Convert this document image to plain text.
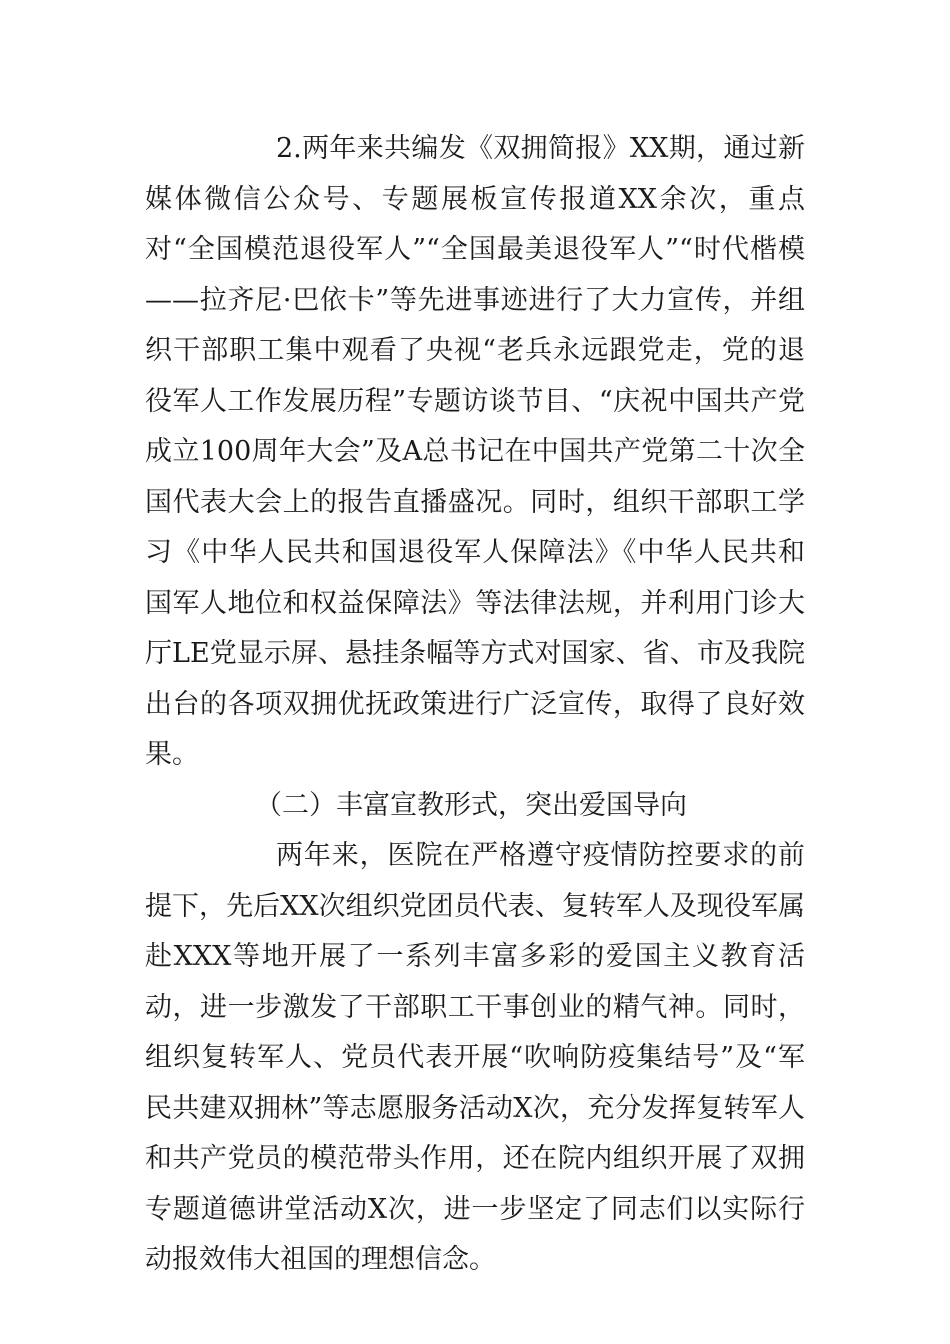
2.两年来共编发《双拥简报》XX期，通过新媒体微信公众号、专题展板宣传报道XX余次，重点对“全国模范退役军人”“全国最美退役军人”“时代楷模——拉齐尼·巴依卡”等先进事迹进行了大力宣传，并组织干部职工集中观看了央视“老兵永远跟党走，党的退役军人工作发展历程”专题访谈节目、“庆祝中国共产党成立100周年大会”及A总书记在中国共产党第二十次全国代表大会上的报告直播盛况。同时，组织干部职工学习《中华人民共和国退役军人保障法》《中华人民共和国军人地位和权益保障法》等法律法规，并利用门诊大厅LE党显示屏、悬挂条幅等方式对国家、省、市及我院出台的各项双拥优抚政策进行广泛宣传，取得了良好效果。

（二）丰富宣教形式，突出爱国导向

两年来，医院在严格遵守疫情防控要求的前提下，先后XX次组织党团员代表、复转军人及现役军属赴XXX等地开展了一系列丰富多彩的爱国主义教育活动，进一步激发了干部职工干事创业的精气神。同时，组织复转军人、党员代表开展“吹响防疫集结号”及“军民共建双拥林”等志愿服务活动X次，充分发挥复转军人和共产党员的模范带头作用，还在院内组织开展了双拥专题道德讲堂活动X次，进一步坚定了同志们以实际行动报效伟大祖国的理想信念。
